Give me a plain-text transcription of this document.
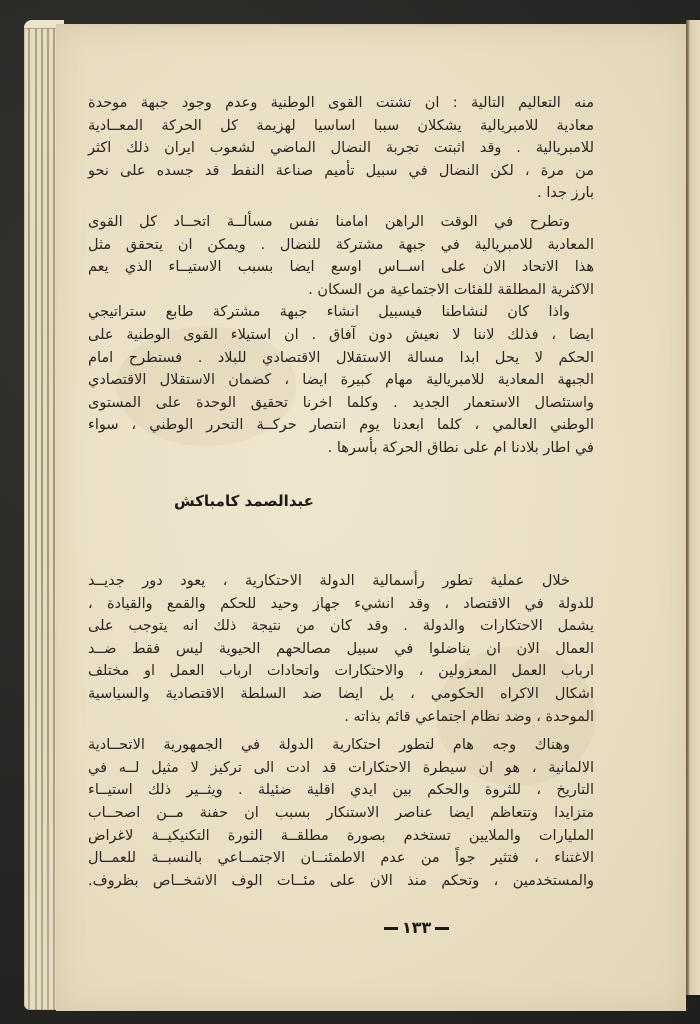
منه التعاليم التالية : ان تشتت القوى الوطنية وعدم وجود جبهة موحدة
معادية للامبريالية يشكلان سببا اساسيا لهزيمة كل الحركة المعــادية
للامبريالية . وقد اثبتت تجربة النضال الماضي لشعوب ايران ذلك اكثر
من مرة ، لكن النضال في سبيل تأميم صناعة النفط قد جسده على نحو
بارز جدا .
وتطرح في الوقت الراهن امامنا نفس مسألــة اتحــاد كل القوى
المعادية للامبريالية في جبهة مشتركة للنضال . ويمكن ان يتحقق مثل
هذا الاتحاد الان على اســاس اوسع ايضا بسبب الاستيــاء الذي يعم
الاكثرية المطلقة للفئات الاجتماعية من السكان .
واذا كان لنشاطنا فيسبيل انشاء جبهة مشتركة طابع ستراتيجي
ايضا ، فذلك لاننا لا نعيش دون آفاق . ان استيلاء القوى الوطنية على
الحكم لا يحل ابدا مسالة الاستقلال الاقتصادي للبلاد . فستطرح امام
الجبهة المعادية للامبريالية مهام كبيرة ايضا ، كضمان الاستقلال الاقتصادي
واستئصال الاستعمار الجديد . وكلما اخرنا تحقيق الوحدة على المستوى
الوطني العالمي ، كلما ابعدنا يوم انتصار حركــة التحرر الوطني ، سواء
في اطار بلادنا ام على نطاق الحركة بأسرها .
عبدالصمد كامباكش
خلال عملية تطور رأسمالية الدولة الاحتكارية ، يعود دور جديــد
للدولة في الاقتصاد ، وقد انشيء جهاز وحيد للحكم والقمع والقيادة ،
يشمل الاحتكارات والدولة . وقد كان من نتيجة ذلك انه يتوجب على
العمال الان ان يناضلوا في سبيل مصالحهم الحيوية ليس فقط ضــد
ارباب العمل المعزولين ، والاحتكارات واتحادات ارباب العمل او مختلف
اشكال الاكراه الحكومي ، بل ايضا ضد السلطة الاقتصادية والسياسية
الموحدة ، وضد نظام اجتماعي قائم بذاته .
وهناك وجه هام لتطور احتكارية الدولة في الجمهورية الاتحــادية
الالمانية ، هو ان سيطرة الاحتكارات قد ادت الى تركيز لا مثيل لــه في
التاريخ ، للثروة والحكم بين ايدي اقلية ضئيلة . ويثــير ذلك استيــاء
متزايدا وتتعاظم ايضا عناصر الاستنكار بسبب ان حفنة مــن اصحــاب
المليارات والملايين تستخدم بصورة مطلقــة الثورة التكنيكيــة لاغراض
الاغتناء ، فتثير جواً من عدم الاطمئنــان الاجتمــاعي بالنسبــة للعمــال
والمستخدمين ، وتحكم منذ الان على مئــات الوف الاشخــاص بظروف.
١٣٣
